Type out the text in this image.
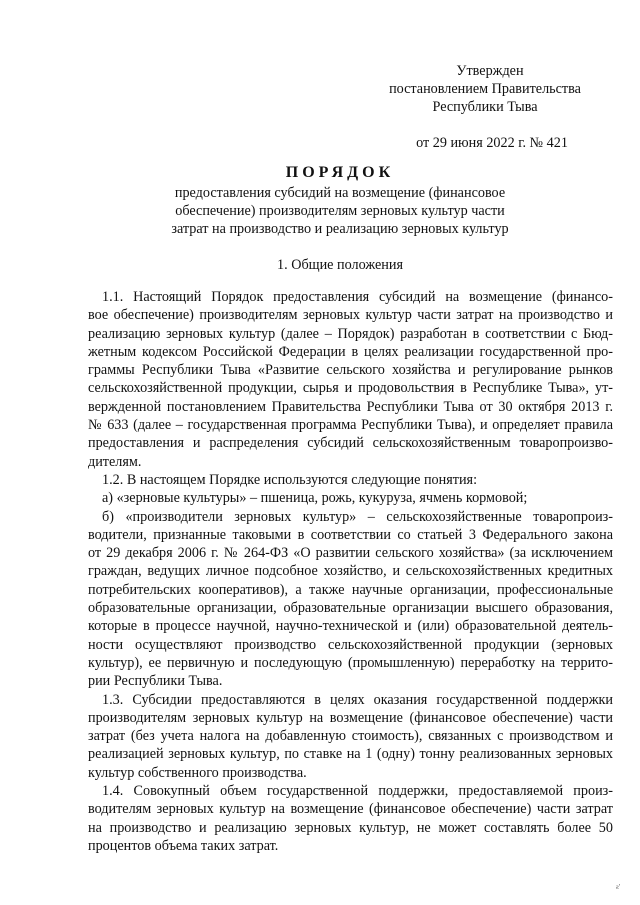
Утвержден
постановлением Правительства
Республики Тыва
от 29 июня 2022 г. № 421
ПОРЯДОК
предоставления субсидий на возмещение (финансовое
обеспечение) производителям зерновых культур части
затрат на производство и реализацию зерновых культур
1. Общие положения
1.1. Настоящий Порядок предоставления субсидий на возмещение (финансо-
вое обеспечение) производителям зерновых культур части затрат на производство и
реализацию зерновых культур (далее – Порядок) разработан в соответствии с Бюд-
жетным кодексом Российской Федерации в целях реализации государственной про-
граммы Республики Тыва «Развитие сельского хозяйства и регулирование рынков
сельскохозяйственной продукции, сырья и продовольствия в Республике Тыва», ут-
вержденной постановлением Правительства Республики Тыва от 30 октября 2013 г.
№ 633 (далее – государственная программа Республики Тыва), и определяет правила
предоставления и распределения субсидий сельскохозяйственным товаропроизво-
дителям.
1.2. В настоящем Порядке используются следующие понятия:
а) «зерновые культуры» – пшеница, рожь, кукуруза, ячмень кормовой;
б) «производители зерновых культур» – сельскохозяйственные товаропроиз-
водители, признанные таковыми в соответствии со статьей 3 Федерального закона
от 29 декабря 2006 г. № 264-ФЗ «О развитии сельского хозяйства» (за исключением
граждан, ведущих личное подсобное хозяйство, и сельскохозяйственных кредитных
потребительских кооперативов), а также научные организации, профессиональные
образовательные организации, образовательные организации высшего образования,
которые в процессе научной, научно-технической и (или) образовательной деятель-
ности осуществляют производство сельскохозяйственной продукции (зерновых
культур), ее первичную и последующую (промышленную) переработку на террито-
рии Республики Тыва.
1.3. Субсидии предоставляются в целях оказания государственной поддержки
производителям зерновых культур на возмещение (финансовое обеспечение) части
затрат (без учета налога на добавленную стоимость), связанных с производством и
реализацией зерновых культур, по ставке на 1 (одну) тонну реализованных зерновых
культур собственного производства.
1.4. Совокупный объем государственной поддержки, предоставляемой произ-
водителям зерновых культур на возмещение (финансовое обеспечение) части затрат
на производство и реализацию зерновых культур, не может составлять более 50
процентов объема таких затрат.
ƨ'
